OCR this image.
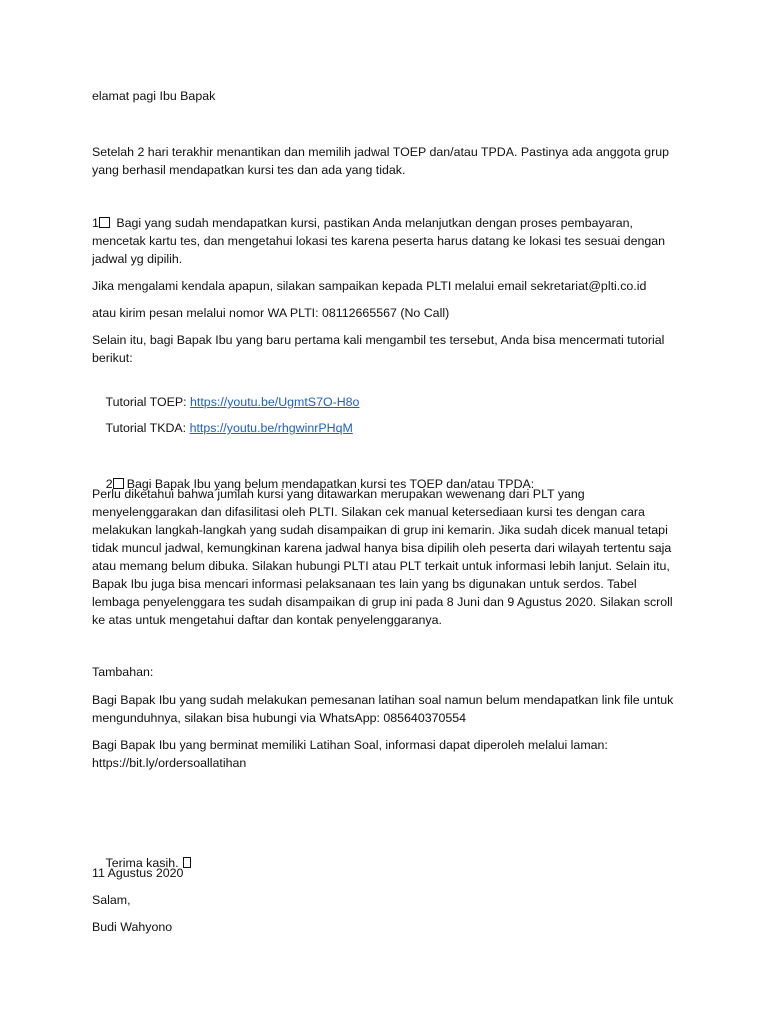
elamat pagi Ibu Bapak
Setelah 2 hari terakhir menantikan dan memilih jadwal TOEP dan/atau TPDA. Pastinya ada anggota grup yang berhasil mendapatkan kursi tes dan ada yang tidak.
1 Bagi yang sudah mendapatkan kursi, pastikan Anda melanjutkan dengan proses pembayaran, mencetak kartu tes, dan mengetahui lokasi tes karena peserta harus datang ke lokasi tes sesuai dengan jadwal yg dipilih.
Jika mengalami kendala apapun, silakan sampaikan kepada PLTI melalui email sekretariat@plti.co.id
atau kirim pesan melalui nomor WA PLTI: 08112665567 (No Call)
Selain itu, bagi Bapak Ibu yang baru pertama kali mengambil tes tersebut, Anda bisa mencermati tutorial berikut:

Tutorial TOEP: https://youtu.be/UgmtS7O-H8o

Tutorial TKDA: https://youtu.be/rhgwinrPHqM

2 Bagi Bapak Ibu yang belum mendapatkan kursi tes TOEP dan/atau TPDA:

Perlu diketahui bahwa jumlah kursi yang ditawarkan merupakan wewenang dari PLT yang menyelenggarakan dan difasilitasi oleh PLTI. Silakan cek manual ketersediaan kursi tes dengan cara melakukan langkah-langkah yang sudah disampaikan di grup ini kemarin. Jika sudah dicek manual tetapi tidak muncul jadwal, kemungkinan karena jadwal hanya bisa dipilih oleh peserta dari wilayah tertentu saja atau memang belum dibuka. Silakan hubungi PLTI atau PLT terkait untuk informasi lebih lanjut. Selain itu, Bapak Ibu juga bisa mencari informasi pelaksanaan tes lain yang bs digunakan untuk serdos. Tabel lembaga penyelenggara tes sudah disampaikan di grup ini pada 8 Juni dan 9 Agustus 2020. Silakan scroll ke atas untuk mengetahui daftar dan kontak penyelenggaranya.
Tambahan:
Bagi Bapak Ibu yang sudah melakukan pemesanan latihan soal namun belum mendapatkan link file untuk mengunduhnya, silakan bisa hubungi via WhatsApp: 085640370554
Bagi Bapak Ibu yang berminat memiliki Latihan Soal, informasi dapat diperoleh melalui laman: https://bit.ly/ordersoallatihan

Terima kasih.

11 Agustus 2020
Salam,
Budi Wahyono
